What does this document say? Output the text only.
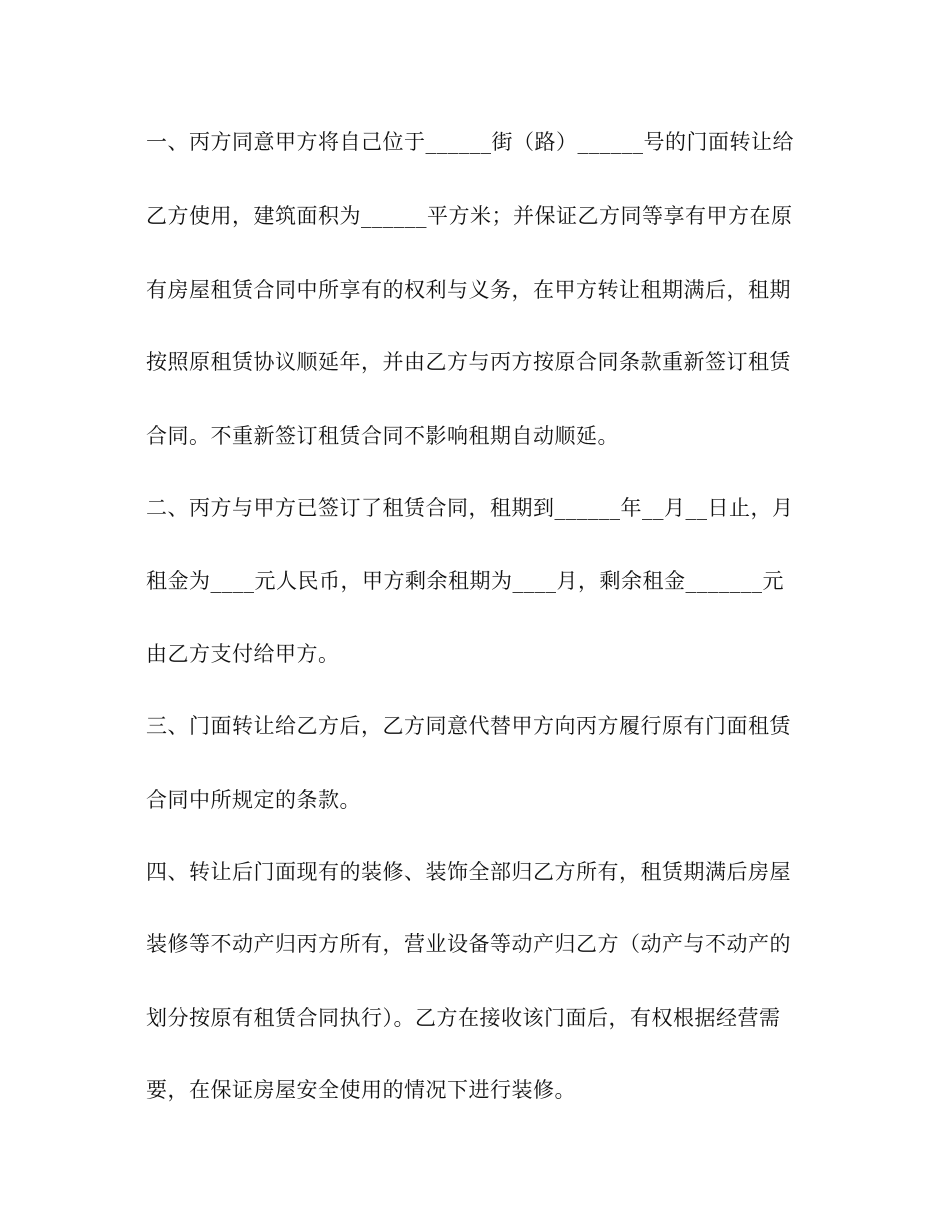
一、丙方同意甲方将自己位于______街（路）______号的门面转让给
乙方使用，建筑面积为______平方米；并保证乙方同等享有甲方在原
有房屋租赁合同中所享有的权利与义务，在甲方转让租期满后，租期
按照原租赁协议顺延年，并由乙方与丙方按原合同条款重新签订租赁
合同。不重新签订租赁合同不影响租期自动顺延。
二、丙方与甲方已签订了租赁合同，租期到______年__月__日止，月
租金为____元人民币，甲方剩余租期为____月，剩余租金_______元
由乙方支付给甲方。
三、门面转让给乙方后，乙方同意代替甲方向丙方履行原有门面租赁
合同中所规定的条款。
四、转让后门面现有的装修、装饰全部归乙方所有，租赁期满后房屋
装修等不动产归丙方所有，营业设备等动产归乙方（动产与不动产的
划分按原有租赁合同执行）。乙方在接收该门面后，有权根据经营需
要，在保证房屋安全使用的情况下进行装修。
